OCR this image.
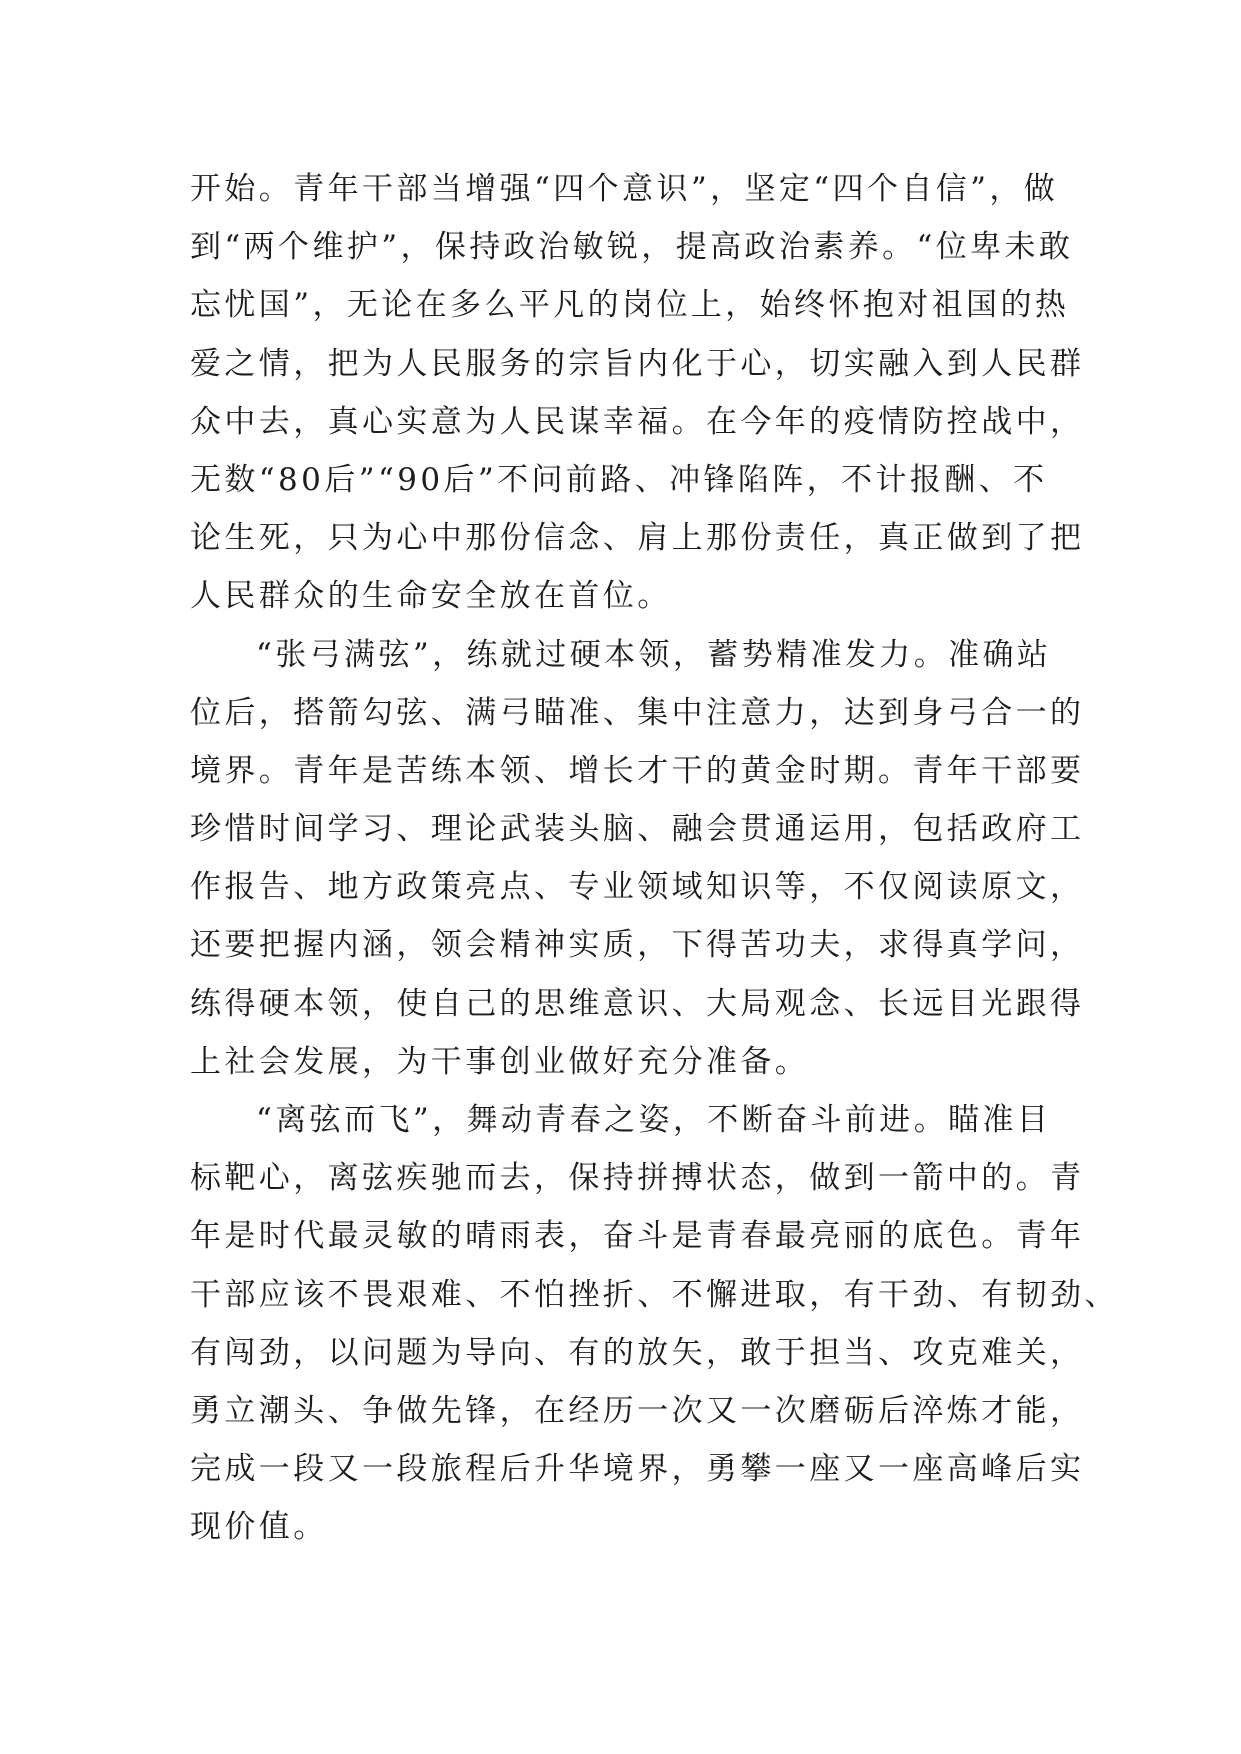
开始。青年干部当增强“四个意识”，坚定“四个自信”，做
到“两个维护”，保持政治敏锐，提高政治素养。“位卑未敢
忘忧国”，无论在多么平凡的岗位上，始终怀抱对祖国的热
爱之情，把为人民服务的宗旨内化于心，切实融入到人民群
众中去，真心实意为人民谋幸福。在今年的疫情防控战中，
无数“80后”“90后”不问前路、冲锋陷阵，不计报酬、不
论生死，只为心中那份信念、肩上那份责任，真正做到了把
人民群众的生命安全放在首位。
“张弓满弦”，练就过硬本领，蓄势精准发力。准确站
位后，搭箭勾弦、满弓瞄准、集中注意力，达到身弓合一的
境界。青年是苦练本领、增长才干的黄金时期。青年干部要
珍惜时间学习、理论武装头脑、融会贯通运用，包括政府工
作报告、地方政策亮点、专业领域知识等，不仅阅读原文，
还要把握内涵，领会精神实质，下得苦功夫，求得真学问，
练得硬本领，使自己的思维意识、大局观念、长远目光跟得
上社会发展，为干事创业做好充分准备。
“离弦而飞”，舞动青春之姿，不断奋斗前进。瞄准目
标靶心，离弦疾驰而去，保持拼搏状态，做到一箭中的。青
年是时代最灵敏的晴雨表，奋斗是青春最亮丽的底色。青年
干部应该不畏艰难、不怕挫折、不懈进取，有干劲、有韧劲、
有闯劲，以问题为导向、有的放矢，敢于担当、攻克难关，
勇立潮头、争做先锋，在经历一次又一次磨砺后淬炼才能，
完成一段又一段旅程后升华境界，勇攀一座又一座高峰后实
现价值。
